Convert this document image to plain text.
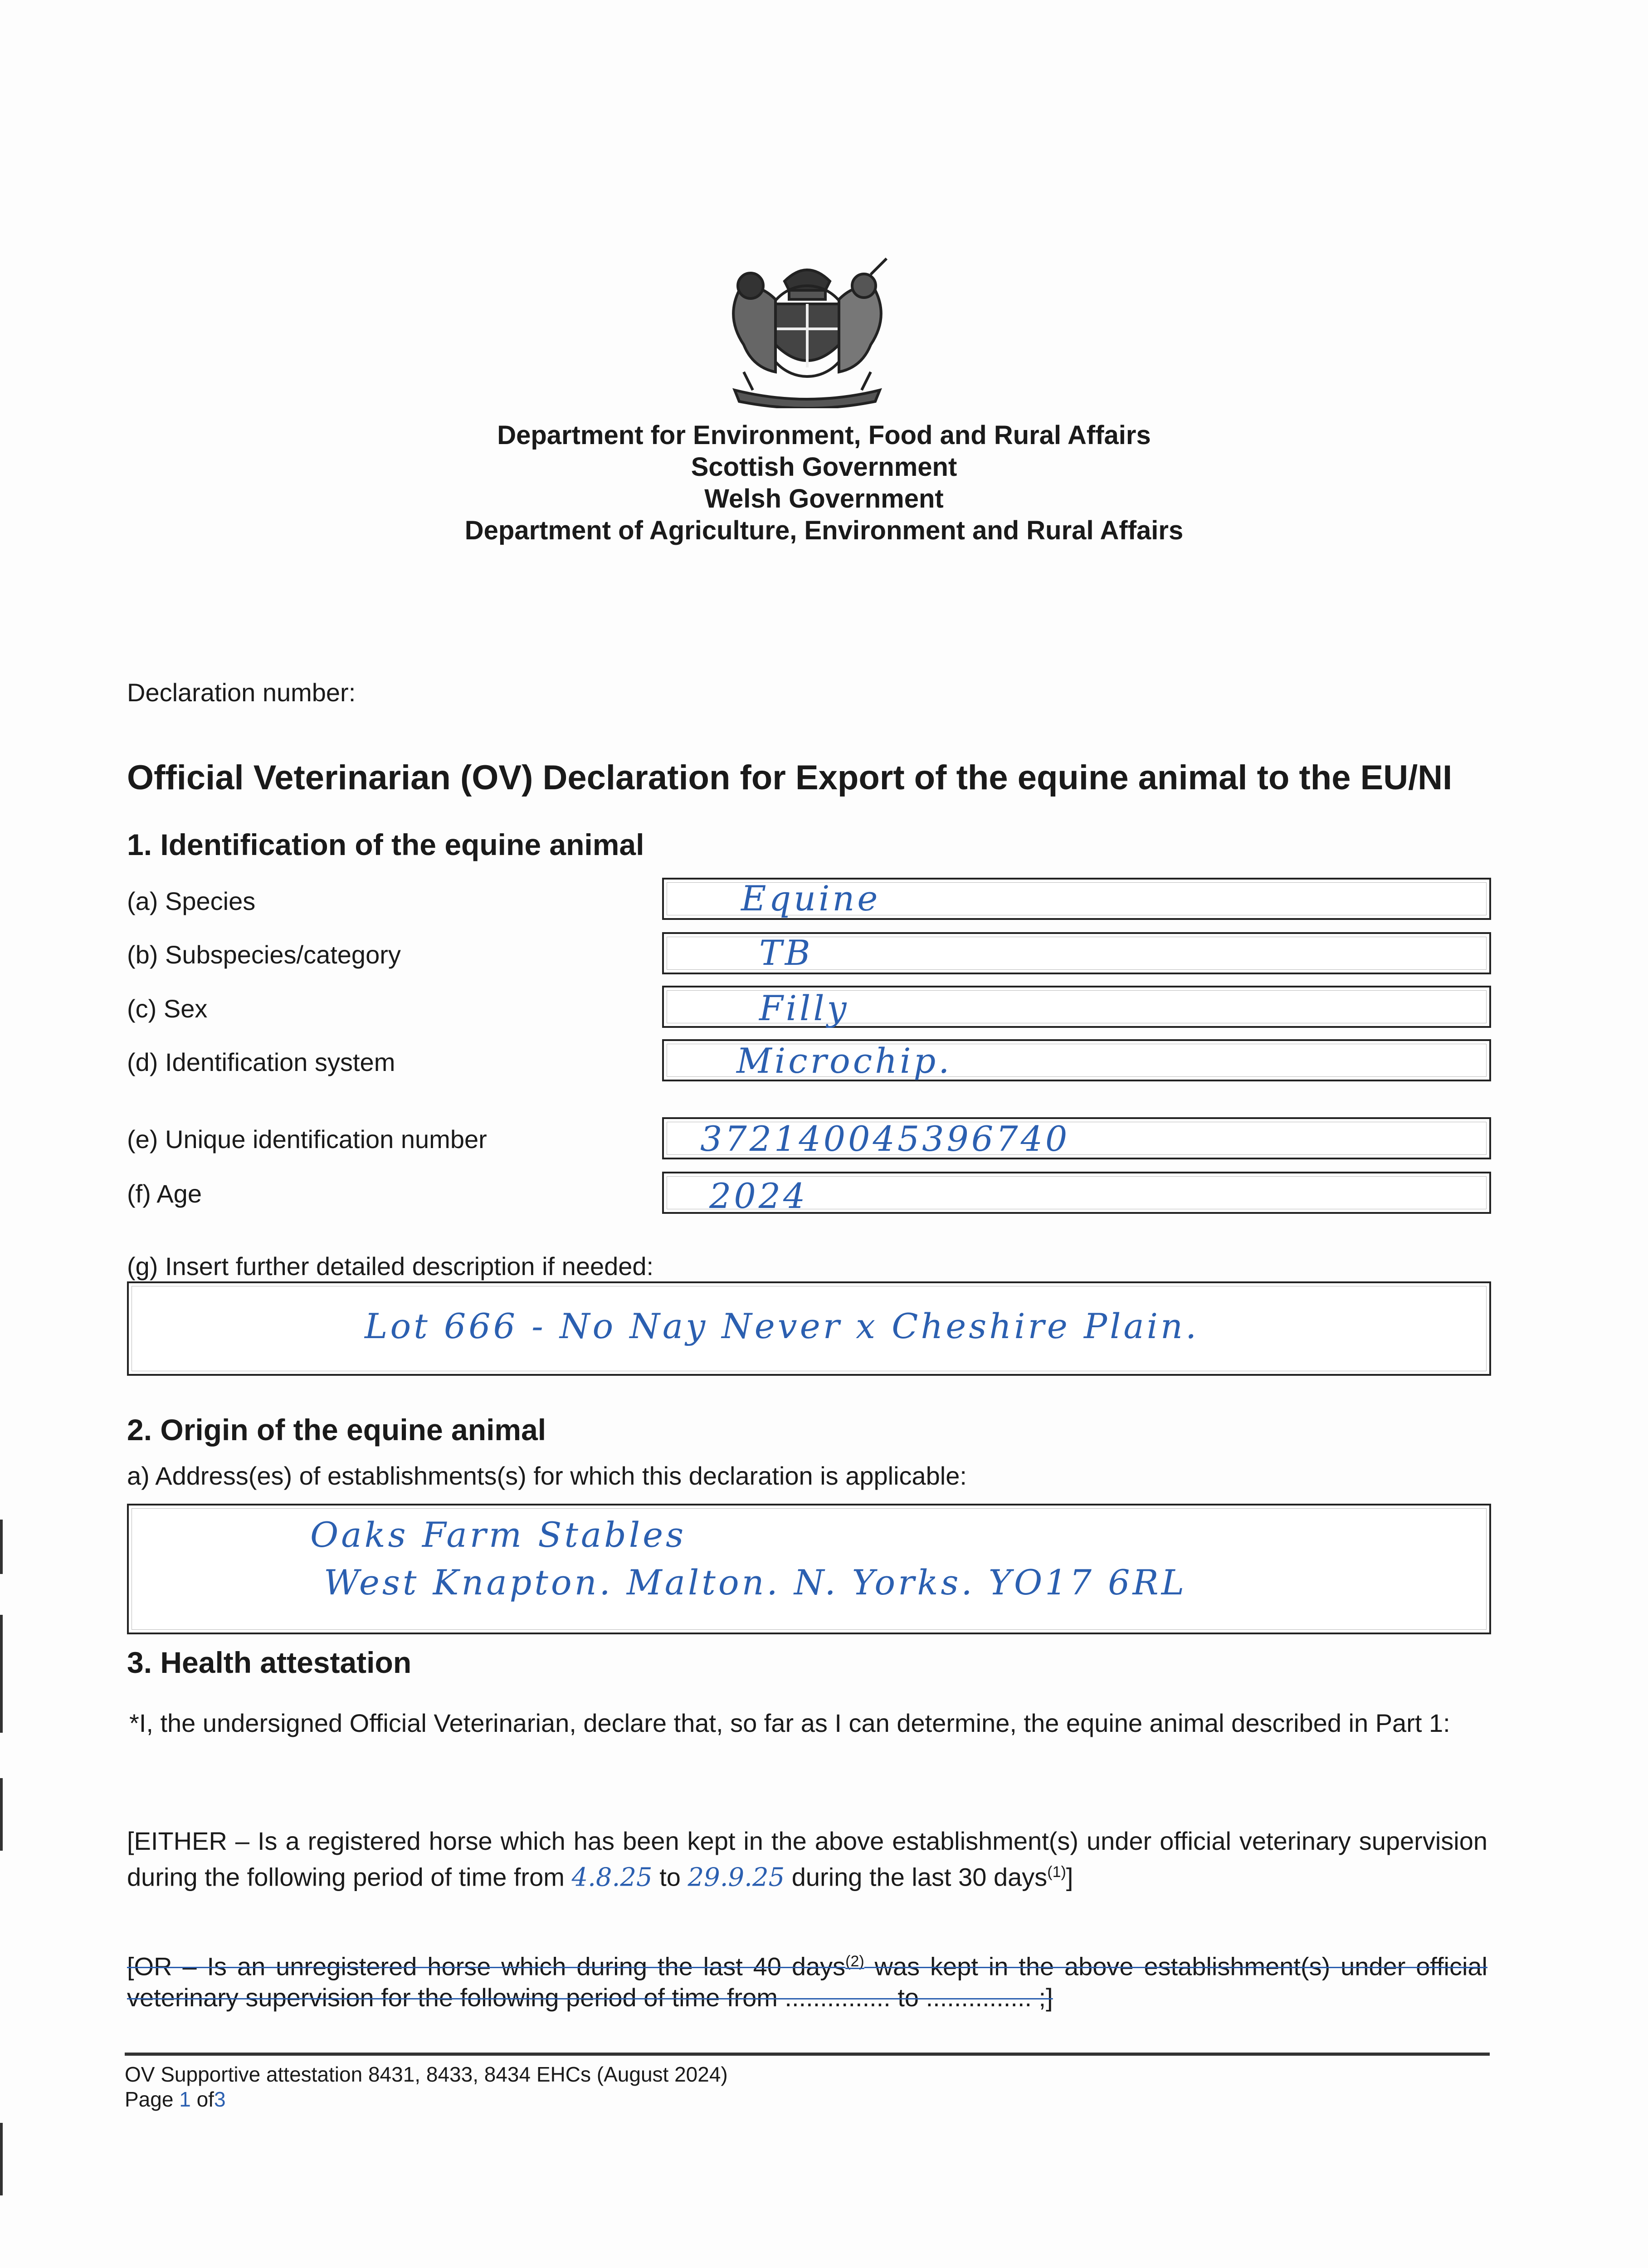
Department for Environment, Food and Rural Affairs
Scottish Government
Welsh Government
Department of Agriculture, Environment and Rural Affairs
Declaration number:
Official Veterinarian (OV) Declaration for Export of the equine animal to the EU/NI
1. Identification of the equine animal
(a) Species	Equine
(b) Subspecies/category	TB
(c) Sex	Filly
(d) Identification system	Microchip.
(e) Unique identification number	372140045396740
(f) Age	2024
(g) Insert further detailed description if needed:
Lot 666 - No Nay Never x Cheshire Plain.
2. Origin of the equine animal
a) Address(es) of establishments(s) for which this declaration is applicable:
Oaks Farm Stables
West Knapton. Malton. N. Yorks. YO17 6RL
3. Health attestation
*I, the undersigned Official Veterinarian, declare that, so far as I can determine, the equine animal described in Part 1:
[EITHER – Is a registered horse which has been kept in the above establishment(s) under official veterinary supervision during the following period of time from 4.8.25 to 29.9.25 during the last 30 days$^{(1)}$]
[OR – Is an unregistered horse which during the last 40 days$^{(2)}$ was kept in the above establishment(s) under official veterinary supervision for the following period of time from ............... to ............... ;]
OV Supportive attestation 8431, 8433, 8434 EHCs (August 2024)
Page 1 of3
